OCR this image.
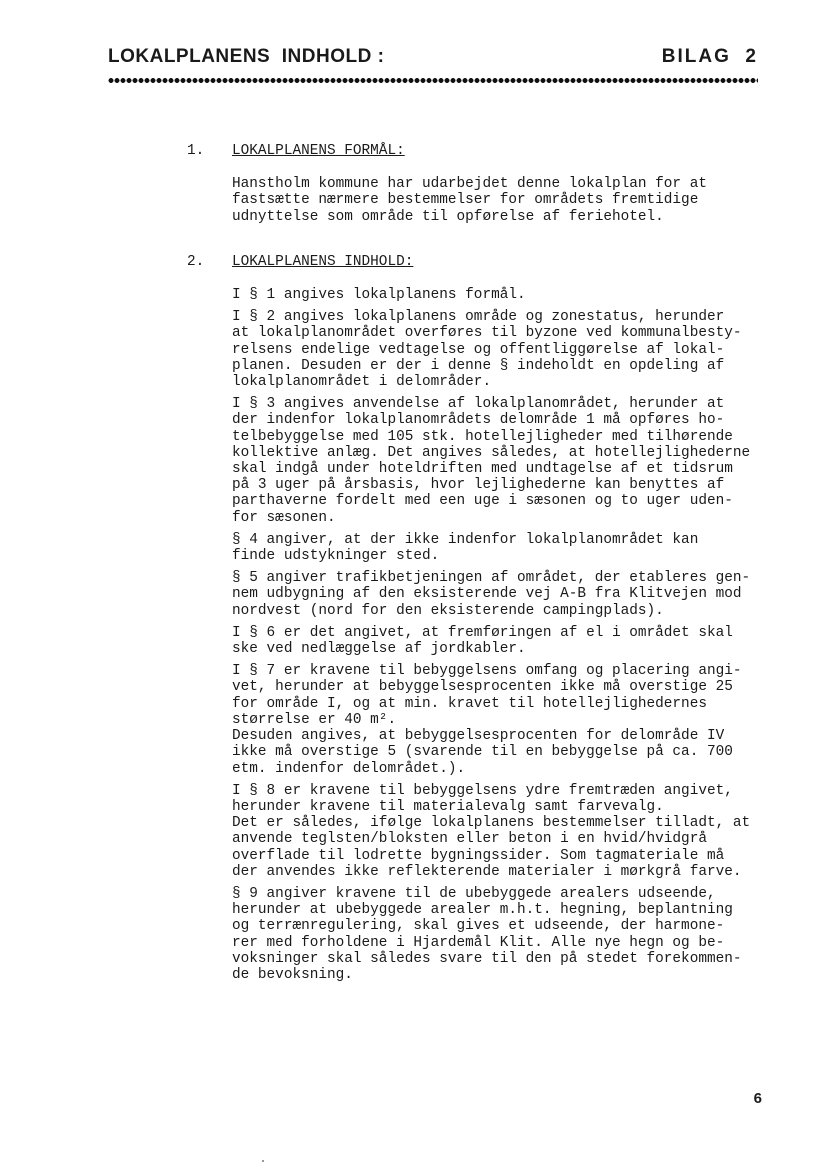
LOKALPLANENS  INDHOLD :	BILAG  2
1. LOKALPLANENS FORMÅL:

Hanstholm kommune har udarbejdet denne lokalplan for at
fastsætte nærmere bestemmelser for områdets fremtidige
udnyttelse som område til opførelse af feriehotel.

2. LOKALPLANENS INDHOLD:

I § 1 angives lokalplanens formål.

I § 2 angives lokalplanens område og zonestatus, herunder
at lokalplanområdet overføres til byzone ved kommunalbesty-
relsens endelige vedtagelse og offentliggørelse af lokal-
planen. Desuden er der i denne § indeholdt en opdeling af
lokalplanområdet i delområder.

I § 3 angives anvendelse af lokalplanområdet, herunder at
der indenfor lokalplanområdets delområde 1 må opføres ho-
telbebyggelse med 105 stk. hotellejligheder med tilhørende
kollektive anlæg. Det angives således, at hotellejlighederne
skal indgå under hoteldriften med undtagelse af et tidsrum
på 3 uger på årsbasis, hvor lejlighederne kan benyttes af
parthaverne fordelt med een uge i sæsonen og to uger uden-
for sæsonen.

§ 4 angiver, at der ikke indenfor lokalplanområdet kan
finde udstykninger sted.

§ 5 angiver trafikbetjeningen af området, der etableres gen-
nem udbygning af den eksisterende vej A-B fra Klitvejen mod
nordvest (nord for den eksisterende campingplads).

I § 6 er det angivet, at fremføringen af el i området skal
ske ved nedlæggelse af jordkabler.

I § 7 er kravene til bebyggelsens omfang og placering angi-
vet, herunder at bebyggelsesprocenten ikke må overstige 25
for område I, og at min. kravet til hotellejlighedernes
størrelse er 40 m².
Desuden angives, at bebyggelsesprocenten for delområde IV
ikke må overstige 5 (svarende til en bebyggelse på ca. 700
etm. indenfor delområdet.).

I § 8 er kravene til bebyggelsens ydre fremtræden angivet,
herunder kravene til materialevalg samt farvevalg.
Det er således, ifølge lokalplanens bestemmelser tilladt, at
anvende teglsten/bloksten eller beton i en hvid/hvidgrå
overflade til lodrette bygningssider. Som tagmateriale må
der anvendes ikke reflekterende materialer i mørkgrå farve.

§ 9 angiver kravene til de ubebyggede arealers udseende,
herunder at ubebyggede arealer m.h.t. hegning, beplantning
og terrænregulering, skal gives et udseende, der harmone-
rer med forholdene i Hjardemål Klit. Alle nye hegn og be-
voksninger skal således svare til den på stedet forekommen-
de bevoksning.

6
